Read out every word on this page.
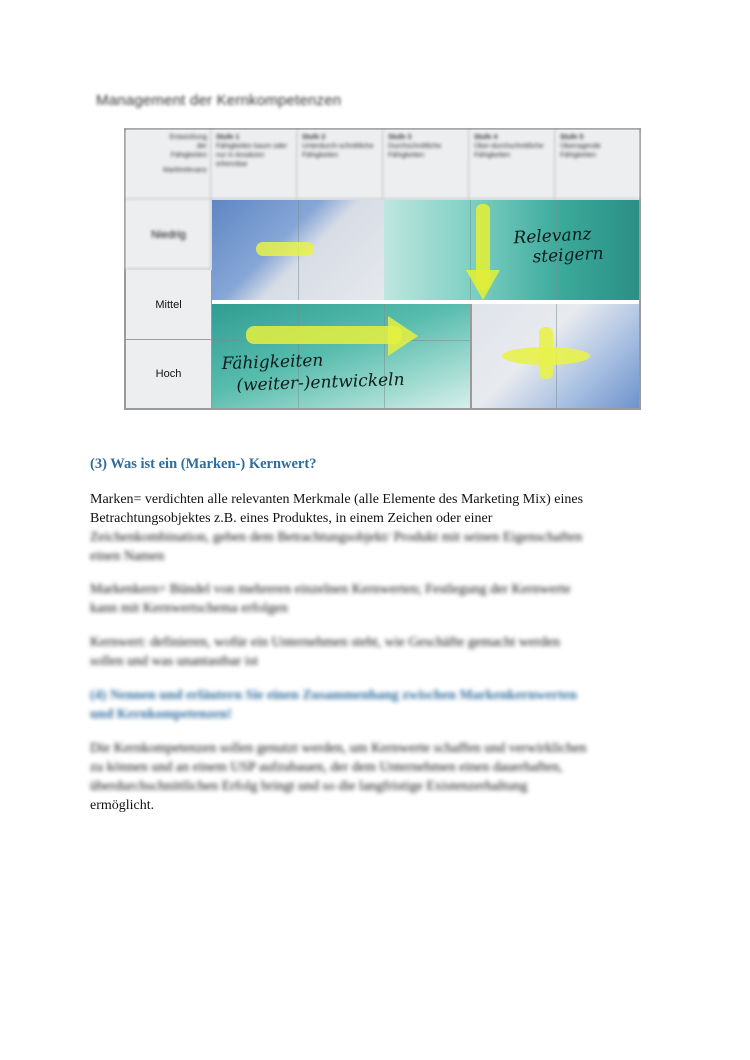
Management der Kernkompetenzen
Entwicklung
der
Fähigkeiten
Marktrelevanz
Stufe 1
Fähigkeiten kaum oder nur in Ansätzen erkennbar
Stufe 2
Unterdurch-schnittliche Fähigkeiten
Stufe 3
Durchschnittliche Fähigkeiten
Stufe 4
Über-durchschnittliche Fähigkeiten
Stufe 5
Überragende Fähigkeiten
Niedrig
Mittel
Hoch
Relevanz
steigern
Fähigkeiten
(weiter-)entwickeln
(3) Was ist ein (Marken-) Kernwert?
Marken= verdichten alle relevanten Merkmale (alle Elemente des Marketing Mix) eines
Betrachtungsobjektes z.B. eines Produktes, in einem Zeichen oder einer
Zeichenkombination, geben dem Betrachtungsobjekt/ Produkt mit seinen Eigenschaften
einen Namen
Markenkern= Bündel von mehreren einzelnen Kernwerten; Festlegung der Kernwerte
kann mit Kernwertschema erfolgen
Kernwert: definieren, wofür ein Unternehmen steht, wie Geschäfte gemacht werden
sollen und was unantastbar ist
(4) Nennen und erläutern Sie einen Zusammenhang zwischen Markenkernwerten
und Kernkompetenzen!
Die Kernkompetenzen sollen genutzt werden, um Kernwerte schaffen und verwirklichen
zu können und an einem USP aufzubauen, der dem Unternehmen einen dauerhaften,
überdurchschnittlichen Erfolg bringt und so die langfristige Existenzerhaltung
ermöglicht.
